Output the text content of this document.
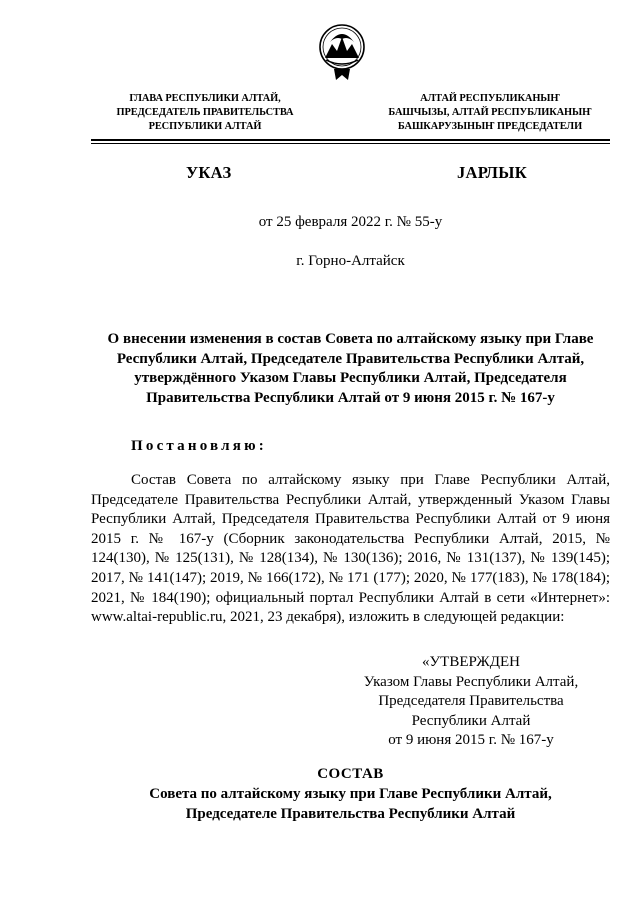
ГЛАВА РЕСПУБЛИКИ АЛТАЙ,
ПРЕДСЕДАТЕЛЬ ПРАВИТЕЛЬСТВА
РЕСПУБЛИКИ АЛТАЙ
АЛТАЙ РЕСПУБЛИКАНЫҤ
БАШЧЫЗЫ, АЛТАЙ РЕСПУБЛИКАНЫҤ
БАШКАРУЗЫНЫҤ ПРЕДСЕДАТЕЛИ
УКАЗ	JАРЛЫК
от 25 февраля 2022 г. № 55-у
г. Горно-Алтайск
О внесении изменения в состав Совета по алтайскому языку при Главе
Республики Алтай, Председателе Правительства Республики Алтай,
утверждённого Указом Главы Республики Алтай, Председателя
Правительства Республики Алтай от 9 июня 2015 г. № 167-у
Постановляю:
Состав Совета по алтайскому языку при Главе Республики Алтай, Председателе Правительства Республики Алтай, утвержденный Указом Главы Республики Алтай, Председателя Правительства Республики Алтай от 9 июня 2015 г. № 167-у (Сборник законодательства Республики Алтай, 2015, № 124(130), № 125(131), № 128(134), № 130(136); 2016, № 131(137), № 139(145); 2017, № 141(147); 2019, № 166(172), № 171 (177); 2020, № 177(183), № 178(184); 2021, № 184(190); официальный портал Республики Алтай в сети «Интернет»: www.altai-republic.ru, 2021, 23 декабря), изложить в следующей редакции:
«УТВЕРЖДЕН
Указом Главы Республики Алтай,
Председателя Правительства
Республики Алтай
от 9 июня 2015 г. № 167-у
СОСТАВ
Совета по алтайскому языку при Главе Республики Алтай,
Председателе Правительства Республики Алтай
